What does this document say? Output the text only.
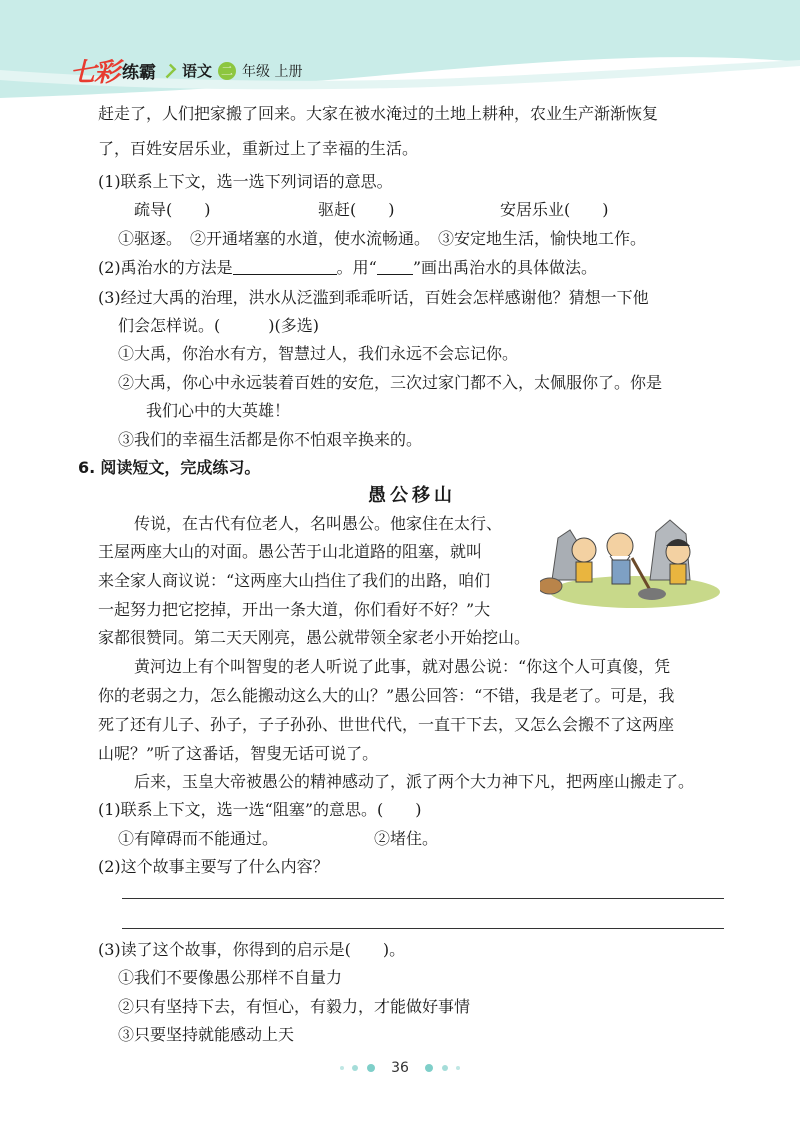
七彩 练霸 语文 二 年级 上册
赶走了，人们把家搬了回来。大家在被水淹过的土地上耕种，农业生产渐渐恢复
了，百姓安居乐业，重新过上了幸福的生活。
(1)联系上下文，选一选下列词语的意思。
疏导(　　)	驱赶(　　)	安居乐业(　　)
①驱逐。　②开通堵塞的水道，使水流畅通。　③安定地生活，愉快地工作。
(2)禹治水的方法是	。用“ ”画出禹治水的具体做法。
(3)经过大禹的治理，洪水从泛滥到乖乖听话，百姓会怎样感谢他？猜想一下他
们会怎样说。(　　　)(多选)
①大禹，你治水有方，智慧过人，我们永远不会忘记你。
②大禹，你心中永远装着百姓的安危，三次过家门都不入，太佩服你了。你是
我们心中的大英雄！
③我们的幸福生活都是你不怕艰辛换来的。
6. 阅读短文，完成练习。
愚公移山
传说，在古代有位老人，名叫愚公。他家住在太行、
王屋两座大山的对面。愚公苦于山北道路的阻塞，就叫
来全家人商议说：“这两座大山挡住了我们的出路，咱们
一起努力把它挖掉，开出一条大道，你们看好不好？”大
家都很赞同。第二天天刚亮，愚公就带领全家老小开始挖山。
黄河边上有个叫智叟的老人听说了此事，就对愚公说：“你这个人可真傻，凭
你的老弱之力，怎么能搬动这么大的山？”愚公回答：“不错，我是老了。可是，我
死了还有儿子、孙子，子子孙孙、世世代代，一直干下去，又怎么会搬不了这两座
山呢？”听了这番话，智叟无话可说了。
后来，玉皇大帝被愚公的精神感动了，派了两个大力神下凡，把两座山搬走了。
(1)联系上下文，选一选“阻塞”的意思。(　　)
①有障碍而不能通过。	②堵住。
(2)这个故事主要写了什么内容？
(3)读了这个故事，你得到的启示是(　　)。
①我们不要像愚公那样不自量力
②只有坚持下去，有恒心，有毅力，才能做好事情
③只要坚持就能感动上天
36
